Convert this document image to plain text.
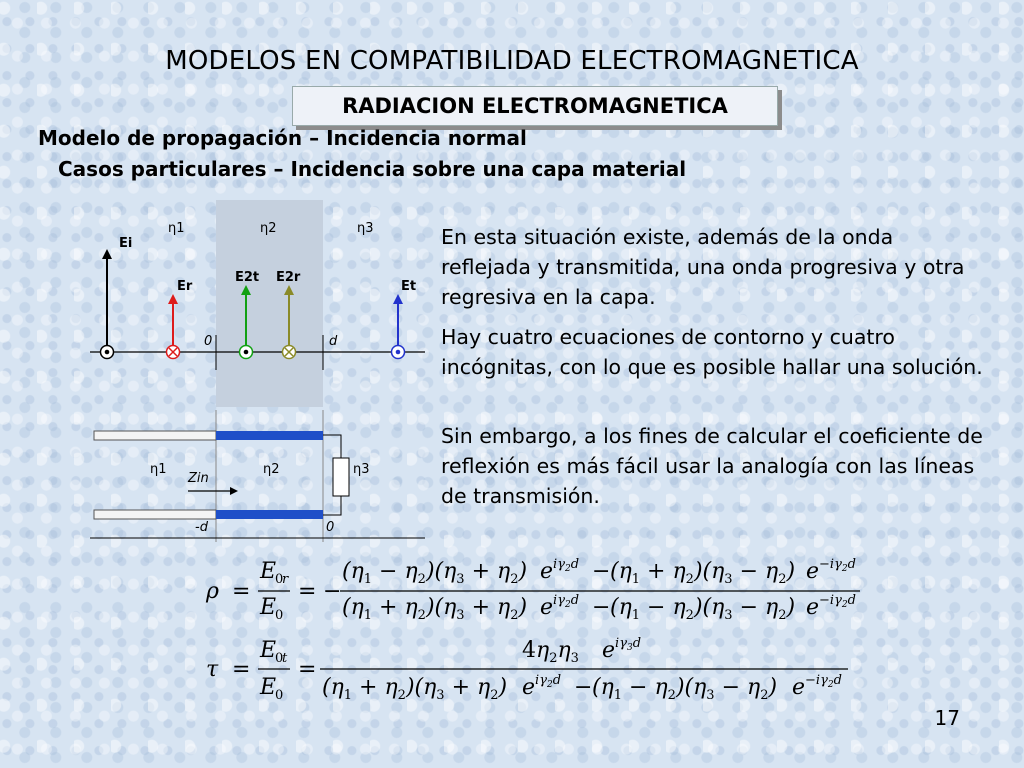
MODELOS EN COMPATIBILIDAD ELECTROMAGNETICA
RADIACION ELECTROMAGNETICA
Modelo de propagación – Incidencia normal
Casos particulares – Incidencia sobre una capa material
En esta situación existe, además de la onda reflejada y transmitida, una onda progresiva y otra regresiva en la capa.
Hay cuatro ecuaciones de contorno y cuatro incógnitas, con lo que es posible hallar una solución.
Sin embargo, a los fines de calcular el coeficiente de reflexión es más fácil usar la analogía con las líneas de transmisión.
η1	η2	η3
Ei
Er
E2t E2r
Et
0	d
η1	η2	η3
Zin
-d	0
ρ =
E
0
r
E
0
= −
$(\eta_1 - \eta_2)(\eta_3 + \eta_2) e^{i\gamma}2d - (\eta_1 + \eta_2)(\eta_3 - \eta_2)$ $e^{-i\gamma}2d$
$(\eta_1 + \eta_2)(\eta_3 + \eta_2) e^{i\gamma}2d - (\eta_1 - \eta_2)(\eta_3 - \eta_2)$ $e^{-i\gamma}2d$
τ =
E
0
t
E
0
=
$4\eta_2\eta_3$ $e^{i\gamma}3d$
$(\eta_1 + \eta_2)(\eta_3 + \eta_2) e^{i\gamma}2d - (\eta_1 - \eta_2)(\eta_3 - \eta_2)$ $e^{-i\gamma}2d$
17
